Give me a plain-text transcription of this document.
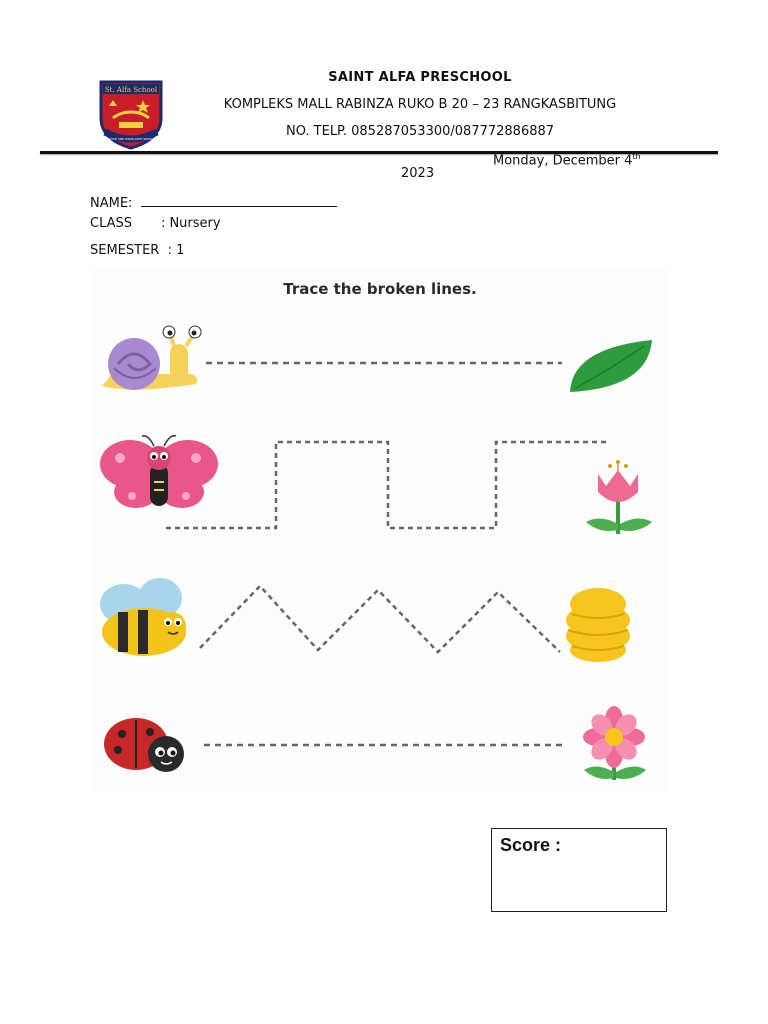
St. Alfa School
INNOVATIVE AND EXCELLENT KNOWLEDGE
SAINT ALFA PRESCHOOL
KOMPLEKS MALL RABINZA RUKO B 20 – 23 RANGKASBITUNG
NO. TELP. 085287053300/087772886887
Monday, December 4th
2023
NAME:
CLASS       : Nursery
SEMESTER  : 1
Trace the broken lines.
Score :
